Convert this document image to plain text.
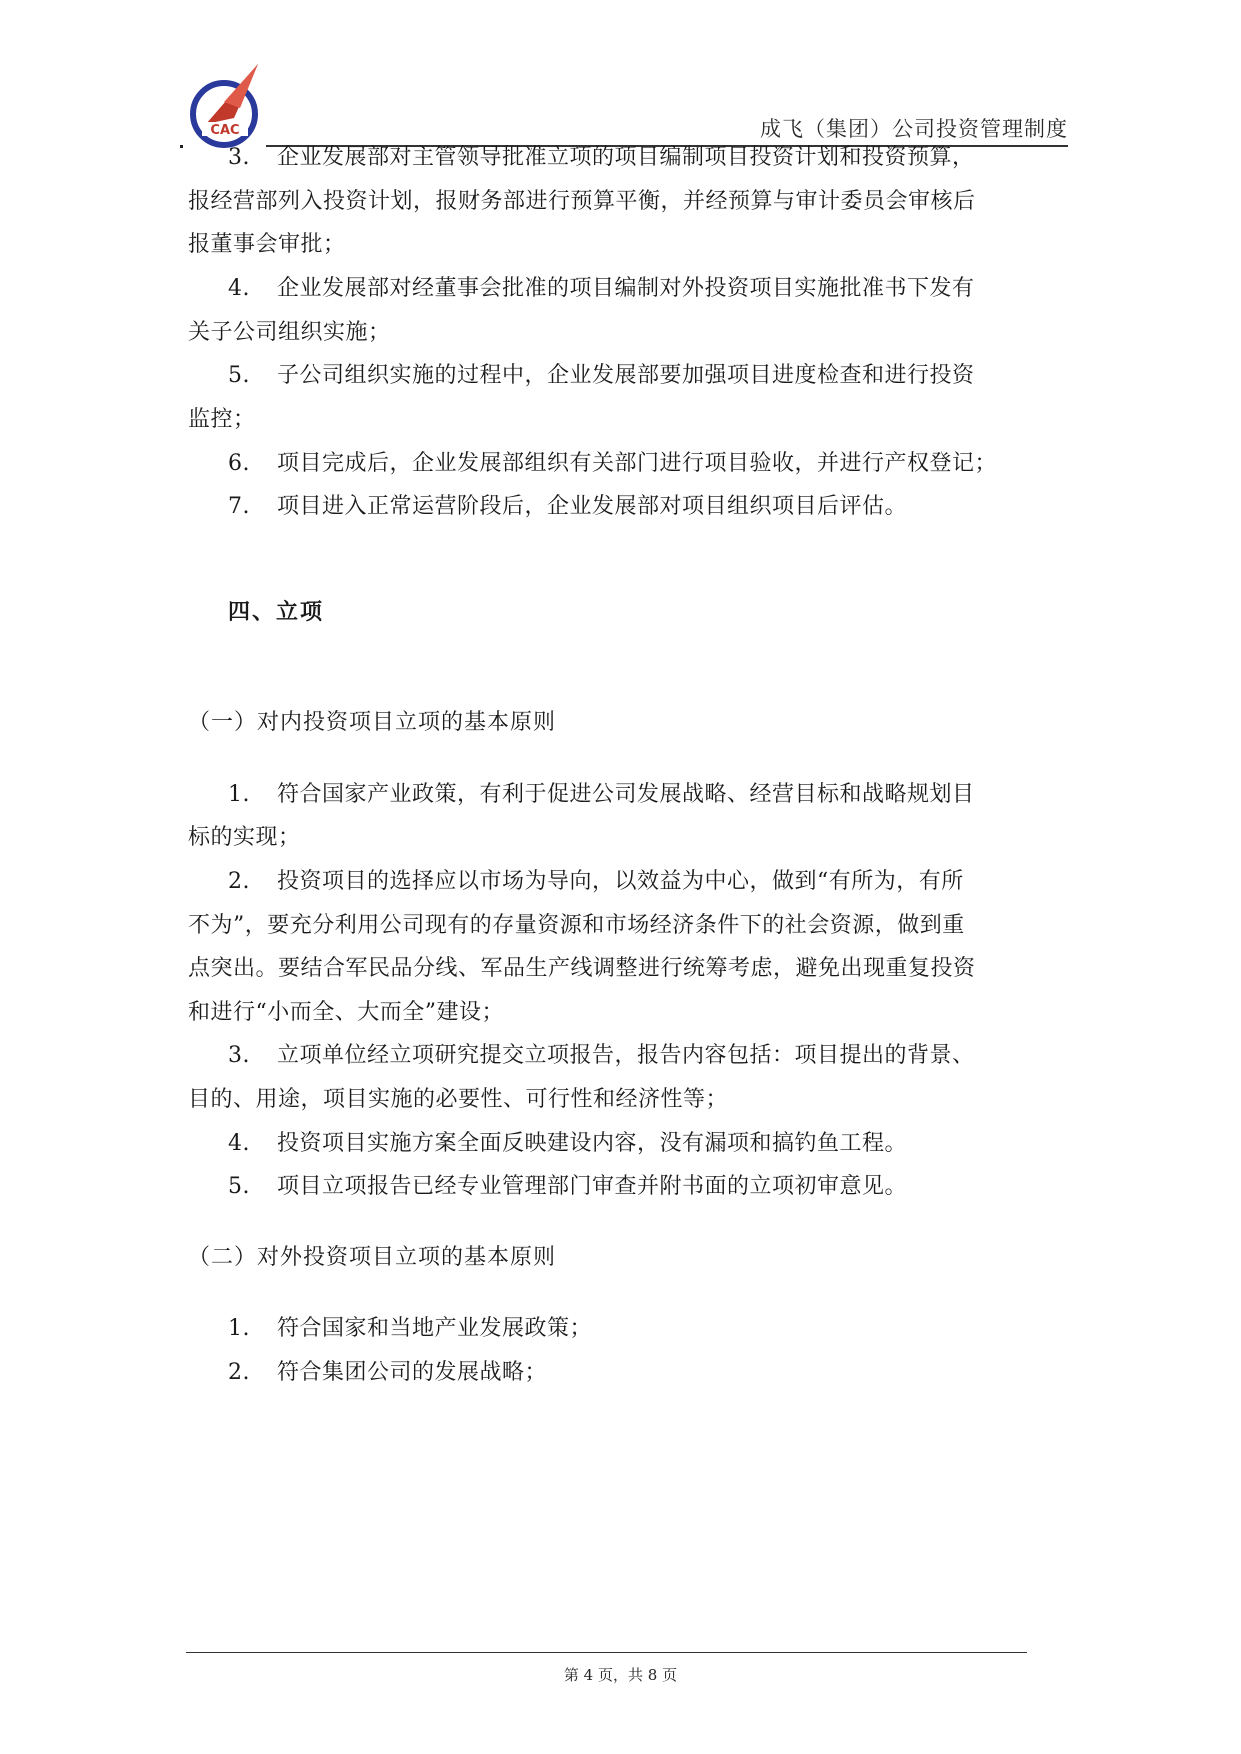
CAC	成飞（集团）公司投资管理制度
3. 企业发展部对主管领导批准立项的项目编制项目投资计划和投资预算，
报经营部列入投资计划，报财务部进行预算平衡，并经预算与审计委员会审核后
报董事会审批；
4. 企业发展部对经董事会批准的项目编制对外投资项目实施批准书下发有
关子公司组织实施；
5. 子公司组织实施的过程中，企业发展部要加强项目进度检查和进行投资
监控；
6. 项目完成后，企业发展部组织有关部门进行项目验收，并进行产权登记；
7. 项目进入正常运营阶段后，企业发展部对项目组织项目后评估。
四、立项
（一）对内投资项目立项的基本原则
1. 符合国家产业政策，有利于促进公司发展战略、经营目标和战略规划目
标的实现；
2. 投资项目的选择应以市场为导向，以效益为中心，做到“有所为，有所
不为”，要充分利用公司现有的存量资源和市场经济条件下的社会资源，做到重
点突出。要结合军民品分线、军品生产线调整进行统筹考虑，避免出现重复投资
和进行“小而全、大而全”建设；
3. 立项单位经立项研究提交立项报告，报告内容包括：项目提出的背景、
目的、用途，项目实施的必要性、可行性和经济性等；
4. 投资项目实施方案全面反映建设内容，没有漏项和搞钓鱼工程。
5. 项目立项报告已经专业管理部门审查并附书面的立项初审意见。
（二）对外投资项目立项的基本原则
1. 符合国家和当地产业发展政策；
2. 符合集团公司的发展战略；
第 4 页，共 8 页
